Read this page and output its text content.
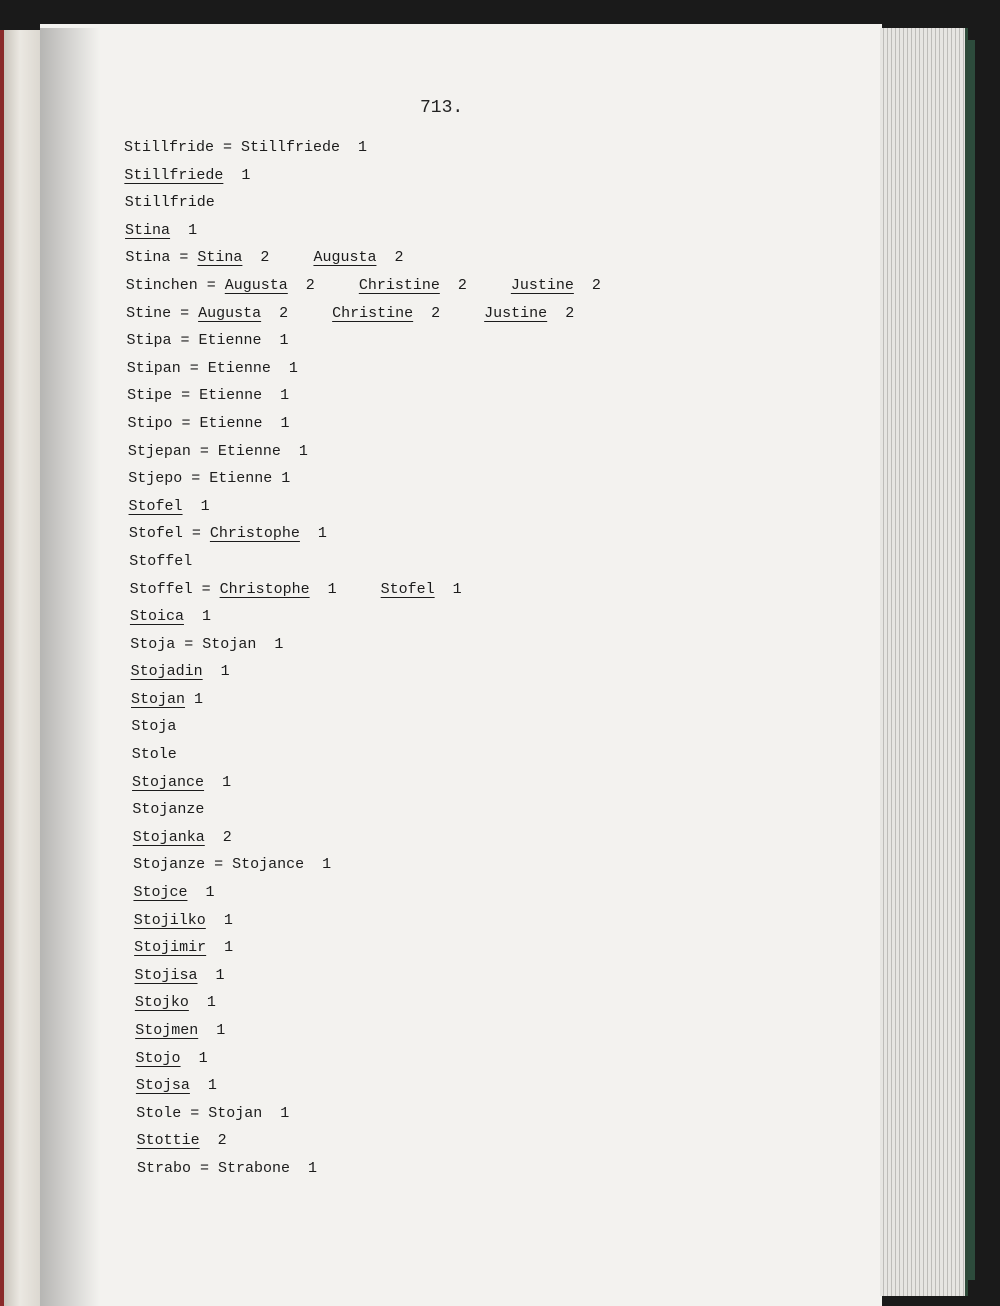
713.
Stillfride = Stillfriede  1
Stillfriede  1
Stillfride
Stina  1
Stina = Stina  2	Augusta  2
Stinchen = Augusta  2	Christine  2	Justine  2
Stine = Augusta  2	Christine  2	Justine  2
Stipa = Etienne  1
Stipan = Etienne  1
Stipe = Etienne  1
Stipo = Etienne  1
Stjepan = Etienne  1
Stjepo = Etienne 1
Stofel  1
Stofel = Christophe  1
Stoffel
Stoffel = Christophe  1	Stofel  1
Stoica  1
Stoja = Stojan  1
Stojadin  1
Stojan 1
Stoja
Stole
Stojance  1
Stojanze
Stojanka  2
Stojanze = Stojance  1
Stojce  1
Stojilko  1
Stojimir  1
Stojisa  1
Stojko  1
Stojmen  1
Stojo  1
Stojsa  1
Stole = Stojan  1
Stottie  2
Strabo = Strabone  1
